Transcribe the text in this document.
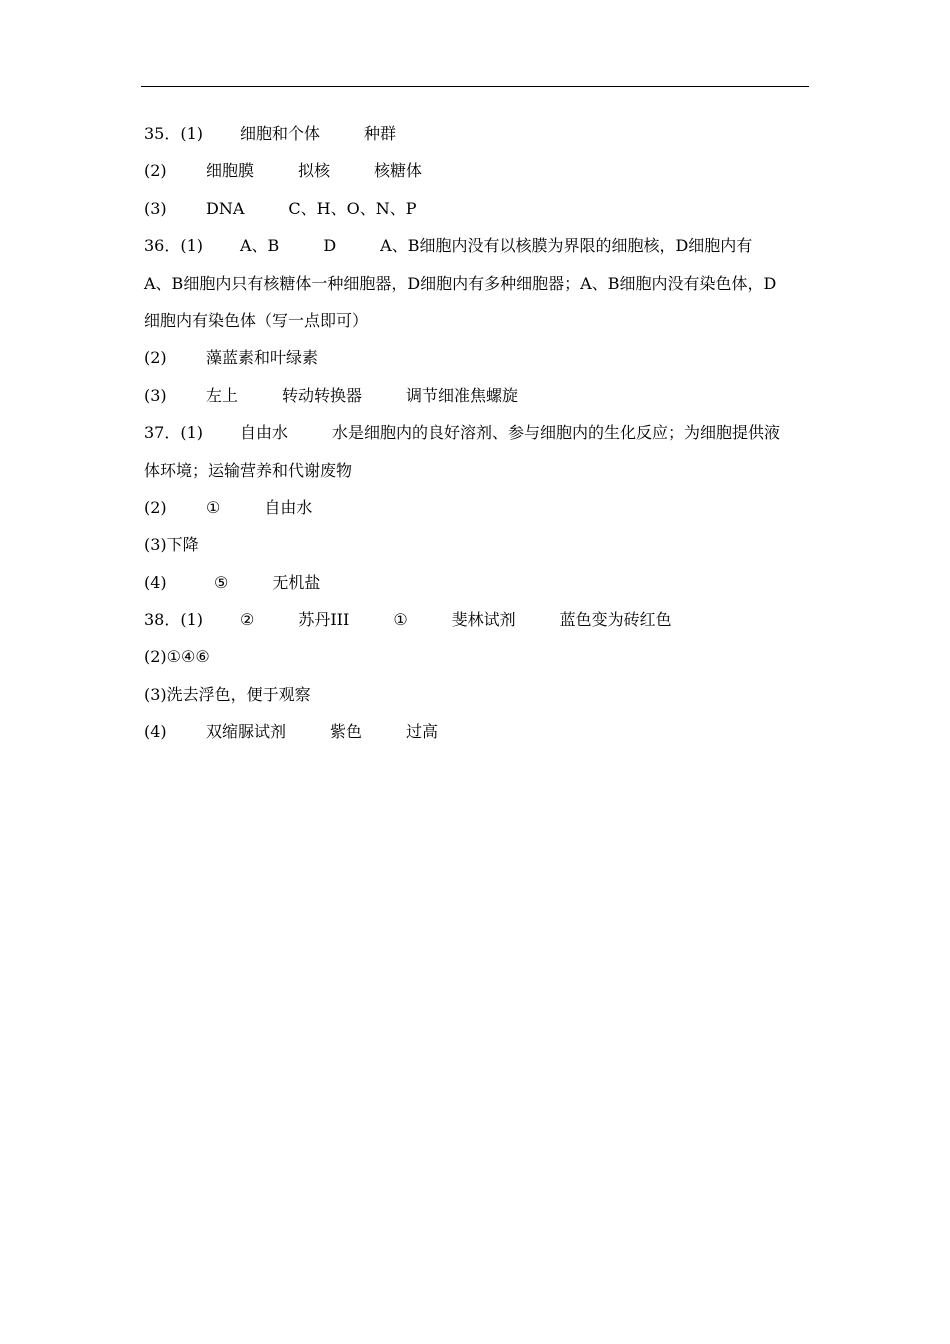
35．(1) 细胞和个体	种群
(2) 细胞膜	拟核	核糖体
(3) DNA	C、H、O、N、P
36．(1) A、B	D	A、B细胞内没有以核膜为界限的细胞核，D细胞内有
A、B细胞内只有核糖体一种细胞器，D细胞内有多种细胞器；A、B细胞内没有染色体，D
细胞内有染色体（写一点即可）
(2) 藻蓝素和叶绿素
(3) 左上	转动转换器	调节细准焦螺旋
37．(1) 自由水	水是细胞内的良好溶剂、参与细胞内的生化反应；为细胞提供液
体环境；运输营养和代谢废物
(2) ①	自由水
(3)下降
(4)	⑤	无机盐
38．(1) ②	苏丹III	①	斐林试剂	蓝色变为砖红色
(2)①④⑥
(3)洗去浮色，便于观察
(4) 双缩脲试剂	紫色	过高
